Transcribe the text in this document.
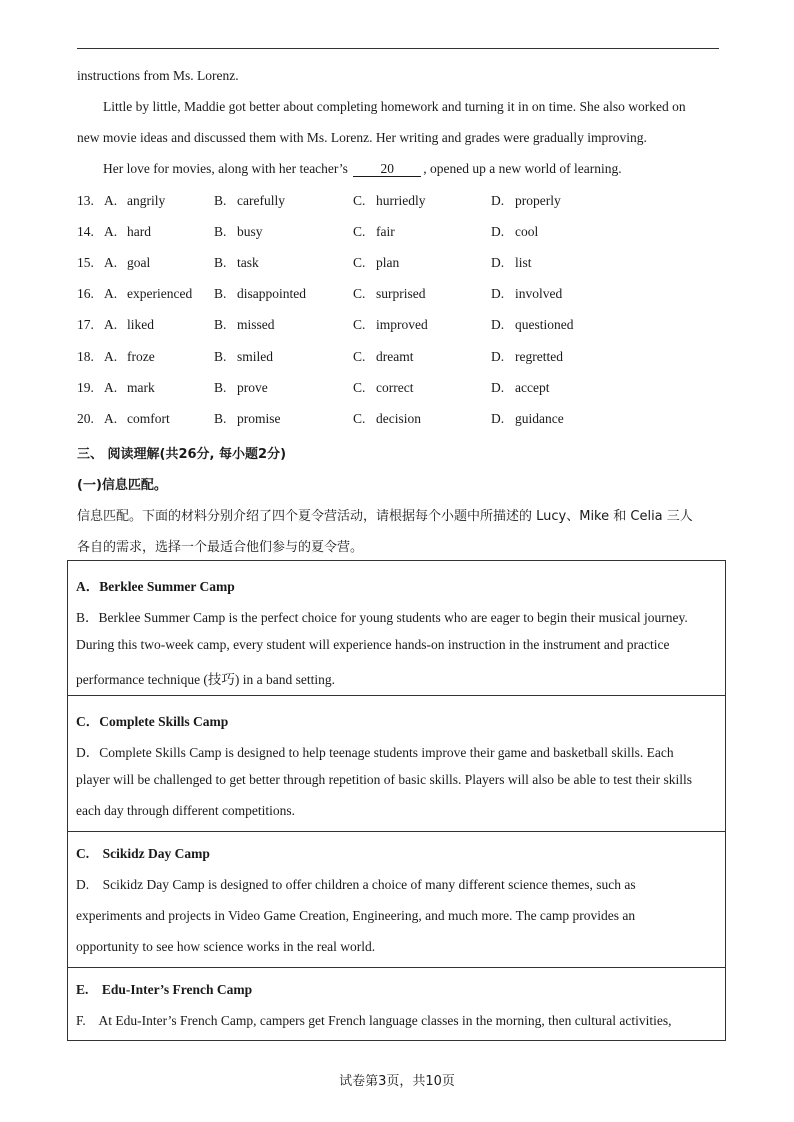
instructions from Ms. Lorenz.
Little by little, Maddie got better about completing homework and turning it in on time. She also worked on
new movie ideas and discussed them with Ms. Lorenz. Her writing and grades were gradually improving.
Her love for movies, along with her teacher’s 20 , opened up a new world of learning.
13. A. angrily	B. carefully	C. hurriedly	D. properly
14. A. hard	B. busy	C. fair	D. cool
15. A. goal	B. task	C. plan	D. list
16. A. experienced B. disappointed	C. surprised	D. involved
17. A. liked	B. missed	C. improved	D. questioned
18. A. froze	B. smiled	C. dreamt	D. regretted
19. A. mark	B. prove	C. correct	D. accept
20. A. comfort	B. promise	C. decision	D. guidance
三、 阅读理解(共26分, 每小题2分)
(一)信息匹配。
信息匹配。下面的材料分别介绍了四个夏令营活动，请根据每个小题中所描述的 Lucy、Mike 和 Celia 三人
各自的需求，选择一个最适合他们参与的夏令营。
A．Berklee Summer Camp
B．Berklee Summer Camp is the perfect choice for young students who are eager to begin their musical journey.
During this two-week camp, every student will experience hands-on instruction in the instrument and practice
performance technique (技巧) in a band setting.
C．Complete Skills Camp
D．Complete Skills Camp is designed to help teenage students improve their game and basketball skills. Each
player will be challenged to get better through repetition of basic skills. Players will also be able to test their skills
each day through different competitions.
C.    Scikidz Day Camp
D.    Scikidz Day Camp is designed to offer children a choice of many different science themes, such as
experiments and projects in Video Game Creation, Engineering, and much more. The camp provides an
opportunity to see how science works in the real world.
E.    Edu-Inter’s French Camp
F.    At Edu-Inter’s French Camp, campers get French language classes in the morning, then cultural activities,
试卷第3页，共10页
